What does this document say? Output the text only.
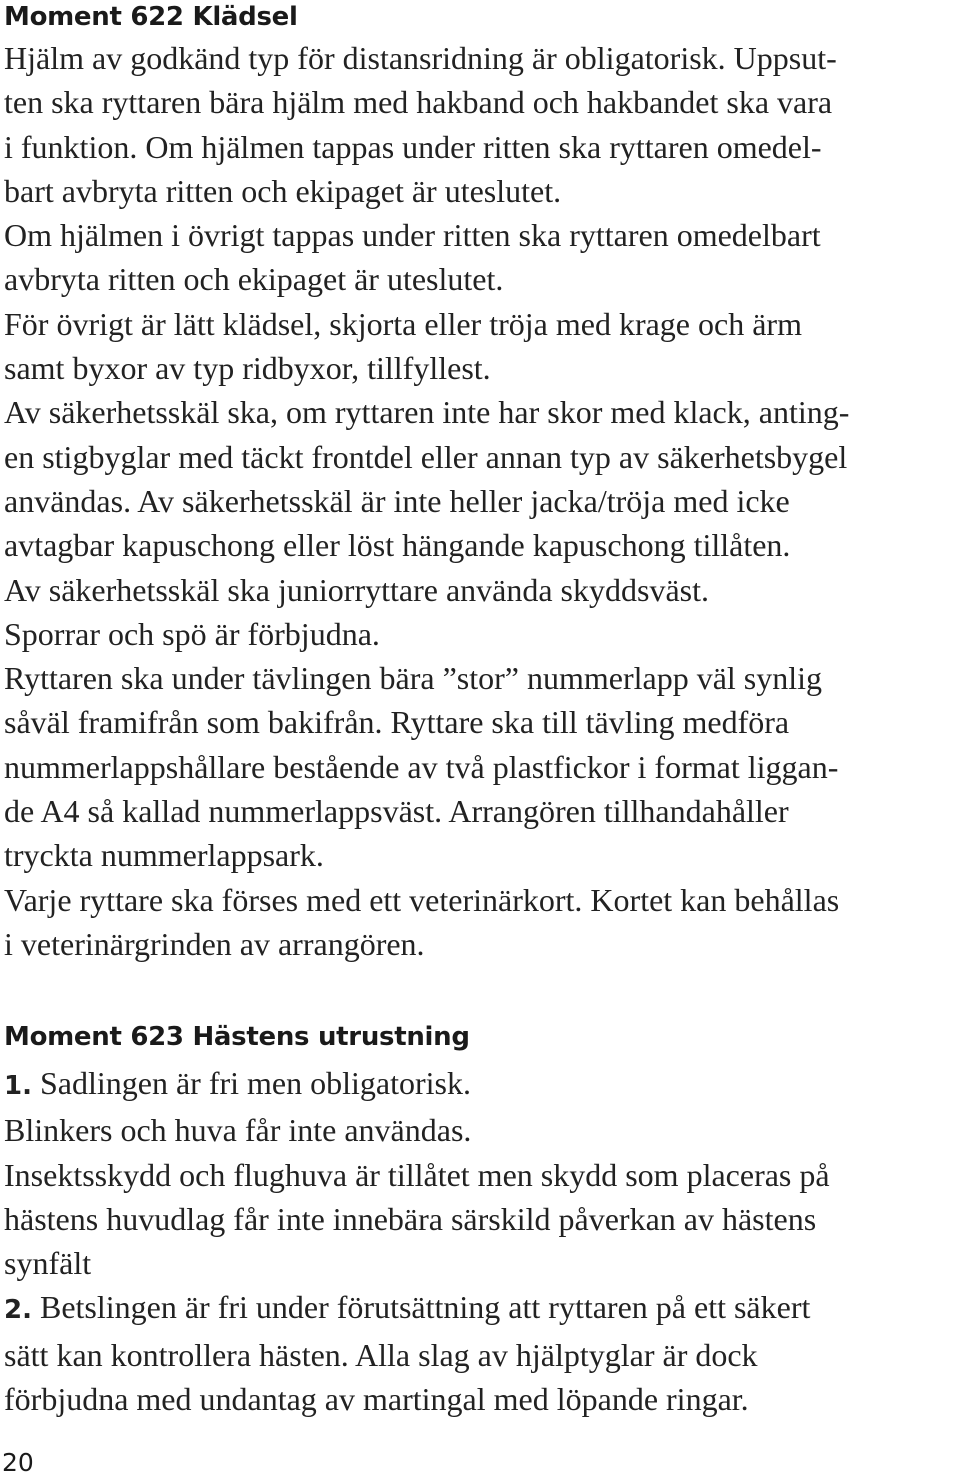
Moment 622 Klädsel
Hjälm av godkänd typ för distansridning är obligatorisk. Uppsut-
ten ska ryttaren bära hjälm med hakband och hakbandet ska vara
i funktion. Om hjälmen tappas under ritten ska ryttaren omedel-
bart avbryta ritten och ekipaget är uteslutet.
Om hjälmen i övrigt tappas under ritten ska ryttaren omedelbart
avbryta ritten och ekipaget är uteslutet.
För övrigt är lätt klädsel, skjorta eller tröja med krage och ärm
samt byxor av typ ridbyxor, tillfyllest.
Av säkerhetsskäl ska, om ryttaren inte har skor med klack, anting-
en stigbyglar med täckt frontdel eller annan typ av säkerhetsbygel
användas. Av säkerhetsskäl är inte heller jacka/tröja med icke
avtagbar kapuschong eller löst hängande kapuschong tillåten.
Av säkerhetsskäl ska juniorryttare använda skyddsväst.
Sporrar och spö är förbjudna.
Ryttaren ska under tävlingen bära ”stor” nummerlapp väl synlig
såväl framifrån som bakifrån. Ryttare ska till tävling medföra
nummerlappshållare bestående av två plastfickor i format liggan-
de A4 så kallad nummerlappsväst. Arrangören tillhandahåller
tryckta nummerlappsark.
Varje ryttare ska förses med ett veterinärkort. Kortet kan behållas
i veterinärgrinden av arrangören.
Moment 623 Hästens utrustning
1. Sadlingen är fri men obligatorisk.
Blinkers och huva får inte användas.
Insektsskydd och flughuva är tillåtet men skydd som placeras på
hästens huvudlag får inte innebära särskild påverkan av hästens
synfält
2. Betslingen är fri under förutsättning att ryttaren på ett säkert
sätt kan kontrollera hästen. Alla slag av hjälptyglar är dock
förbjudna med undantag av martingal med löpande ringar.
20
